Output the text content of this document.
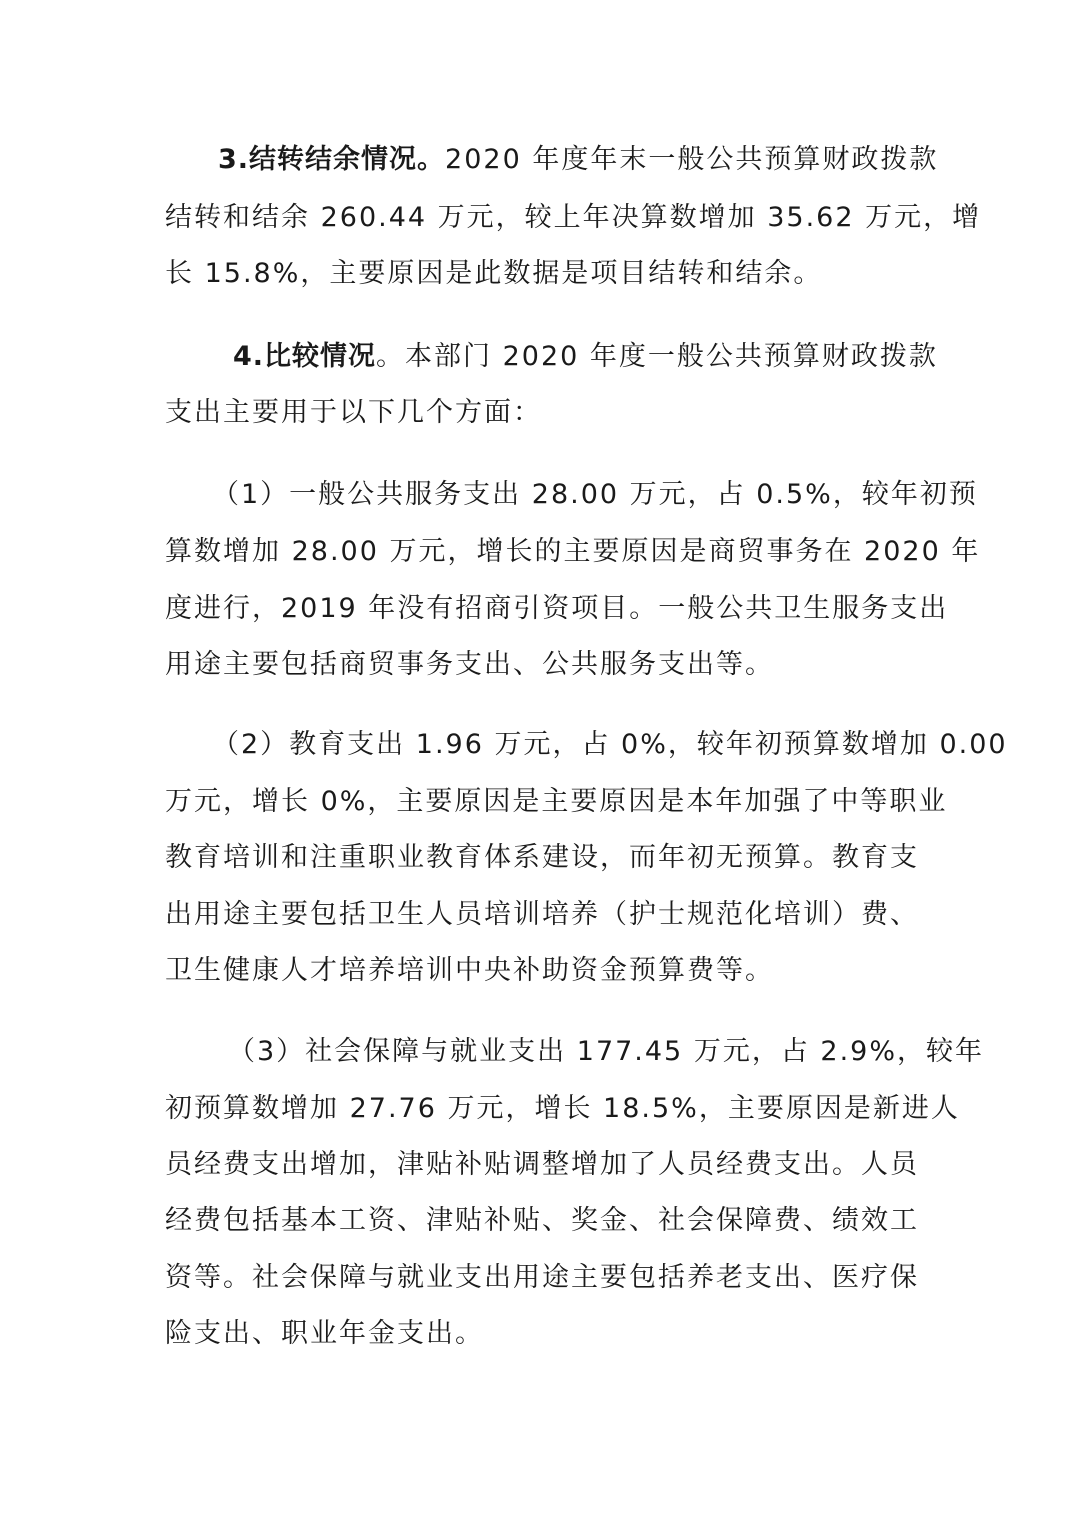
3.结转结余情况。2020 年度年末一般公共预算财政拨款

结转和结余 260.44 万元，较上年决算数增加 35.62 万元，增

长 15.8%，主要原因是此数据是项目结转和结余。

4.比较情况。本部门 2020 年度一般公共预算财政拨款

支出主要用于以下几个方面：

（1）一般公共服务支出 28.00 万元，占 0.5%，较年初预

算数增加 28.00 万元，增长的主要原因是商贸事务在 2020 年

度进行，2019 年没有招商引资项目。一般公共卫生服务支出

用途主要包括商贸事务支出、公共服务支出等。

（2）教育支出 1.96 万元，占 0%，较年初预算数增加 0.00

万元，增长 0%，主要原因是主要原因是本年加强了中等职业

教育培训和注重职业教育体系建设，而年初无预算。教育支

出用途主要包括卫生人员培训培养（护士规范化培训）费、

卫生健康人才培养培训中央补助资金预算费等。

（3）社会保障与就业支出 177.45 万元，占 2.9%，较年

初预算数增加 27.76 万元，增长 18.5%，主要原因是新进人

员经费支出增加，津贴补贴调整增加了人员经费支出。人员

经费包括基本工资、津贴补贴、奖金、社会保障费、绩效工

资等。社会保障与就业支出用途主要包括养老支出、医疗保

险支出、职业年金支出。
